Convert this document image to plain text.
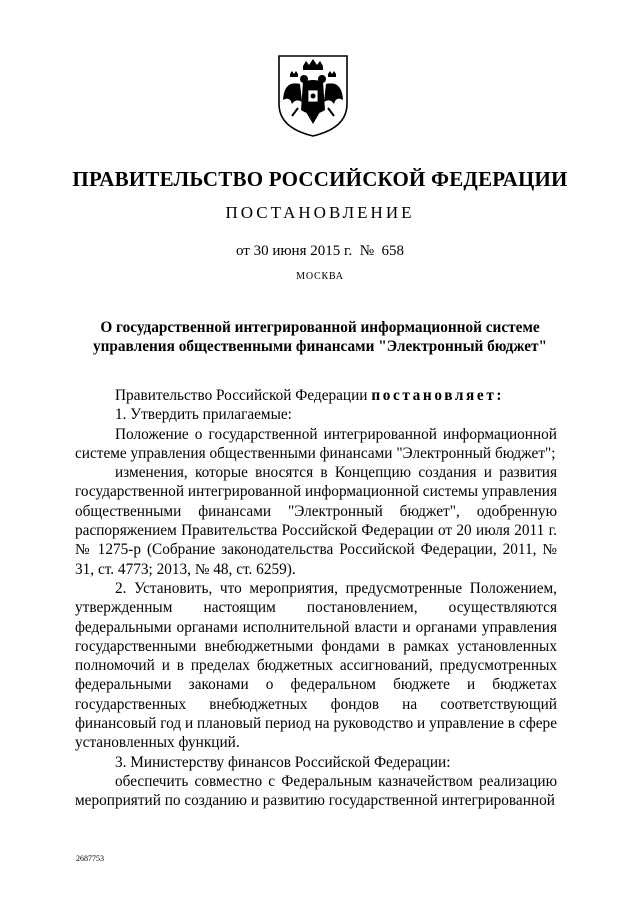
ПРАВИТЕЛЬСТВО РОССИЙСКОЙ ФЕДЕРАЦИИ
ПОСТАНОВЛЕНИЕ
от 30 июня 2015 г.  №  658
МОСКВА
О государственной интегрированной информационной системе
управления общественными финансами "Электронный бюджет"

Правительство Российской Федерации постановляет:

1. Утвердить прилагаемые:

Положение о государственной интегрированной информационной системе управления общественными финансами "Электронный бюджет";

изменения, которые вносятся в Концепцию создания и развития государственной интегрированной информационной системы управления общественными финансами "Электронный бюджет", одобренную распоряжением Правительства Российской Федерации от 20 июля 2011 г. № 1275-р (Собрание законодательства Российской Федерации, 2011, № 31, ст. 4773; 2013, № 48, ст. 6259).

2. Установить, что мероприятия, предусмотренные Положением, утвержденным настоящим постановлением, осуществляются федеральными органами исполнительной власти и органами управления государственными внебюджетными фондами в рамках установленных полномочий и в пределах бюджетных ассигнований, предусмотренных федеральными законами о федеральном бюджете и бюджетах государственных внебюджетных фондов на соответствующий финансовый год и плановый период на руководство и управление в сфере установленных функций.

3. Министерству финансов Российской Федерации:

обеспечить совместно с Федеральным казначейством реализацию мероприятий по созданию и развитию государственной интегрированной

2687753
